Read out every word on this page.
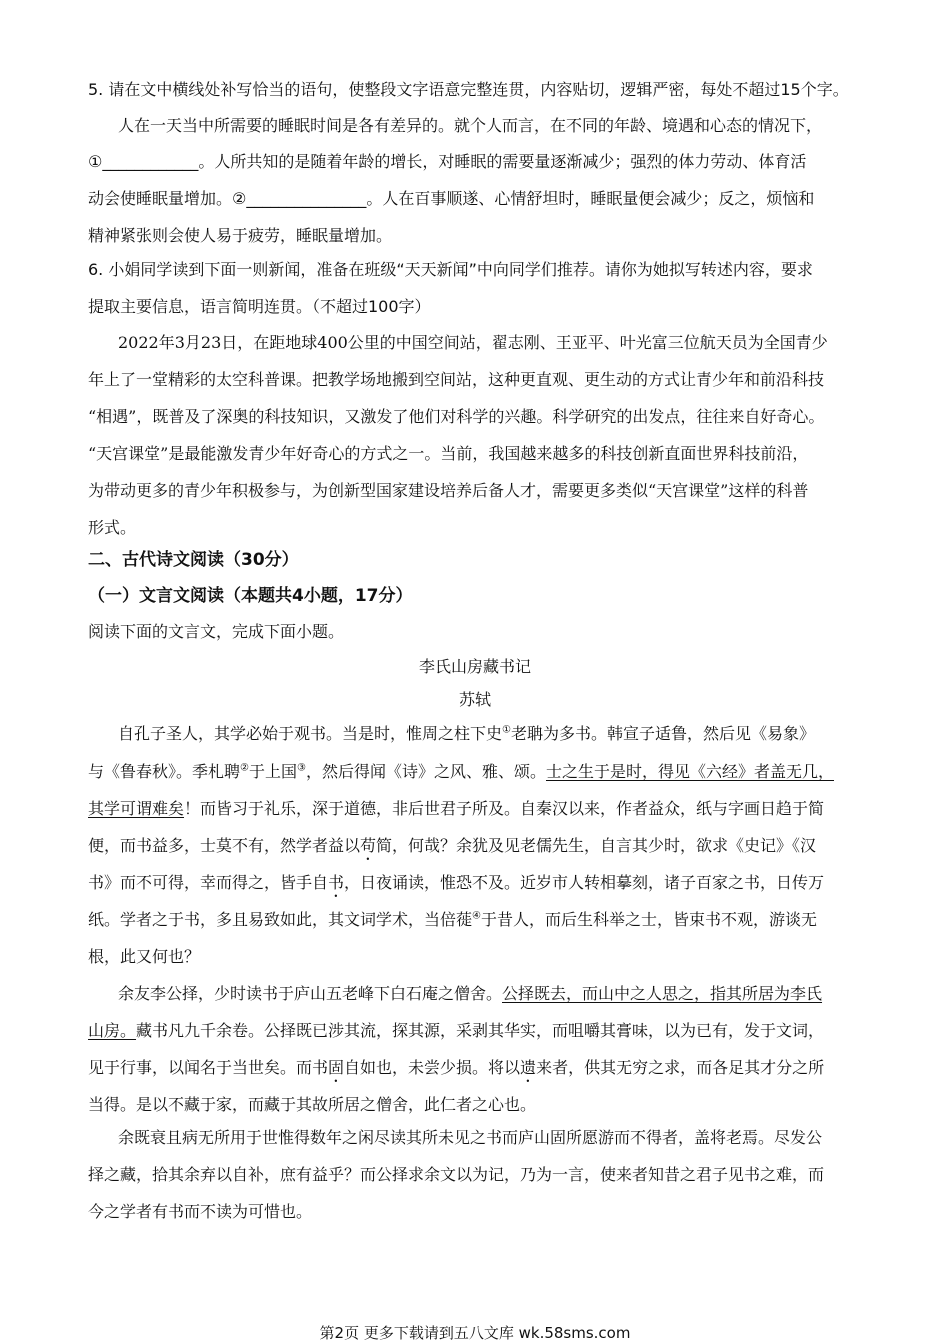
5. 请在文中横线处补写恰当的语句，使整段文字语意完整连贯，内容贴切，逻辑严密，每处不超过15个字。
人在一天当中所需要的睡眠时间是各有差异的。就个人而言，在不同的年龄、境遇和心态的情况下，
①____________。人所共知的是随着年龄的增长，对睡眠的需要量逐渐减少；强烈的体力劳动、体育活
动会使睡眠量增加。②_______________。人在百事顺遂、心情舒坦时，睡眠量便会减少；反之，烦恼和
精神紧张则会使人易于疲劳，睡眠量增加。
6. 小娟同学读到下面一则新闻，准备在班级“天天新闻”中向同学们推荐。请你为她拟写转述内容，要求
提取主要信息，语言简明连贯。（不超过100字）
2022年3月23日，在距地球400公里的中国空间站，翟志刚、王亚平、叶光富三位航天员为全国青少
年上了一堂精彩的太空科普课。把教学场地搬到空间站，这种更直观、更生动的方式让青少年和前沿科技
“相遇”，既普及了深奥的科技知识，又激发了他们对科学的兴趣。科学研究的出发点，往往来自好奇心。
“天宫课堂”是最能激发青少年好奇心的方式之一。当前，我国越来越多的科技创新直面世界科技前沿，
为带动更多的青少年积极参与，为创新型国家建设培养后备人才，需要更多类似“天宫课堂”这样的科普
形式。
二、古代诗文阅读（30分）
（一）文言文阅读（本题共4小题，17分）
阅读下面的文言文，完成下面小题。
李氏山房藏书记
苏轼
自孔子圣人，其学必始于观书。当是时，惟周之柱下史①老聃为多书。韩宣子适鲁，然后见《易象》
与《鲁春秋》。季札聘②于上国③，然后得闻《诗》之风、雅、颂。士之生于是时，得见《六经》者盖无几，
其学可谓难矣！而皆习于礼乐，深于道德，非后世君子所及。自秦汉以来，作者益众，纸与字画日趋于简
便，而书益多，士莫不有，然学者益以苟简，何哉？余犹及见老儒先生，自言其少时，欲求《史记》《汉
书》而不可得，幸而得之，皆手自书，日夜诵读，惟恐不及。近岁市人转相摹刻，诸子百家之书，日传万
纸。学者之于书，多且易致如此，其文词学术，当倍蓰④于昔人，而后生科举之士，皆束书不观，游谈无
根，此又何也？
余友李公择，少时读书于庐山五老峰下白石庵之僧舍。公择既去，而山中之人思之，指其所居为李氏
山房。藏书凡九千余卷。公择既已涉其流，探其源，采剥其华实，而咀嚼其膏味，以为已有，发于文词，
见于行事，以闻名于当世矣。而书固自如也，未尝少损。将以遗来者，供其无穷之求，而各足其才分之所
当得。是以不藏于家，而藏于其故所居之僧舍，此仁者之心也。
余既衰且病无所用于世惟得数年之闲尽读其所未见之书而庐山固所愿游而不得者，盖将老焉。尽发公
择之藏，拾其余弃以自补，庶有益乎？而公择求余文以为记，乃为一言，使来者知昔之君子见书之难，而
今之学者有书而不读为可惜也。
第2页 更多下载请到五八文库 wk.58sms.com
